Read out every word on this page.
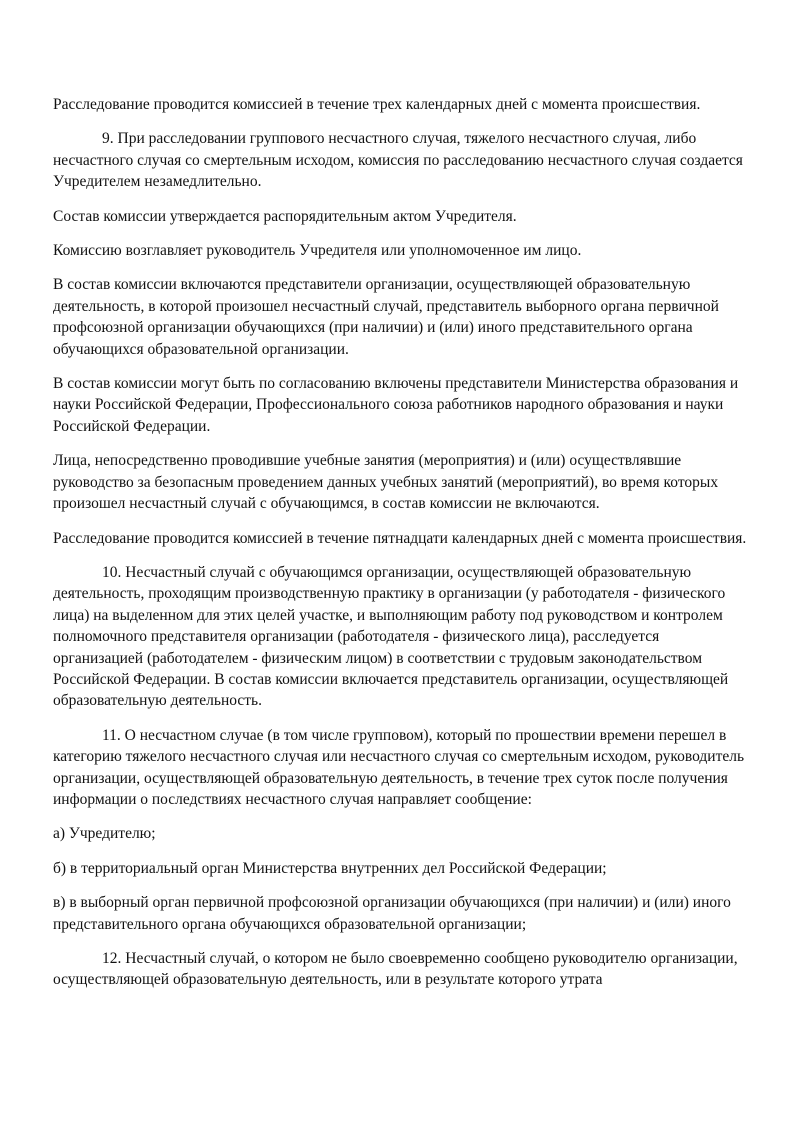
Расследование проводится комиссией в течение трех календарных дней с момента происшествия.

9. При расследовании группового несчастного случая, тяжелого несчастного случая, либо несчастного случая со смертельным исходом, комиссия по расследованию несчастного случая создается Учредителем незамедлительно.

Состав комиссии утверждается распорядительным актом Учредителя.

Комиссию возглавляет руководитель Учредителя или уполномоченное им лицо.

В состав комиссии включаются представители организации, осуществляющей образовательную деятельность, в которой произошел несчастный случай, представитель выборного органа первичной профсоюзной организации обучающихся (при наличии) и (или) иного представительного органа обучающихся образовательной организации.

В состав комиссии могут быть по согласованию включены представители Министерства образования и науки Российской Федерации, Профессионального союза работников народного образования и науки Российской Федерации.

Лица, непосредственно проводившие учебные занятия (мероприятия) и (или) осуществлявшие руководство за безопасным проведением данных учебных занятий (мероприятий), во время которых произошел несчастный случай с обучающимся, в состав комиссии не включаются.

Расследование проводится комиссией в течение пятнадцати календарных дней с момента происшествия.

10. Несчастный случай с обучающимся организации, осуществляющей образовательную деятельность, проходящим производственную практику в организации (у работодателя - физического лица) на выделенном для этих целей участке, и выполняющим работу под руководством и контролем полномочного представителя организации (работодателя - физического лица), расследуется организацией (работодателем - физическим лицом) в соответствии с трудовым законодательством Российской Федерации. В состав комиссии включается представитель организации, осуществляющей образовательную деятельность.

11. О несчастном случае (в том числе групповом), который по прошествии времени перешел в категорию тяжелого несчастного случая или несчастного случая со смертельным исходом, руководитель организации, осуществляющей образовательную деятельность, в течение трех суток после получения информации о последствиях несчастного случая направляет сообщение:

а) Учредителю;

б) в территориальный орган Министерства внутренних дел Российской Федерации;

в) в выборный орган первичной профсоюзной организации обучающихся (при наличии) и (или) иного представительного органа обучающихся образовательной организации;

12. Несчастный случай, о котором не было своевременно сообщено руководителю организации, осуществляющей образовательную деятельность, или в результате которого утрата
